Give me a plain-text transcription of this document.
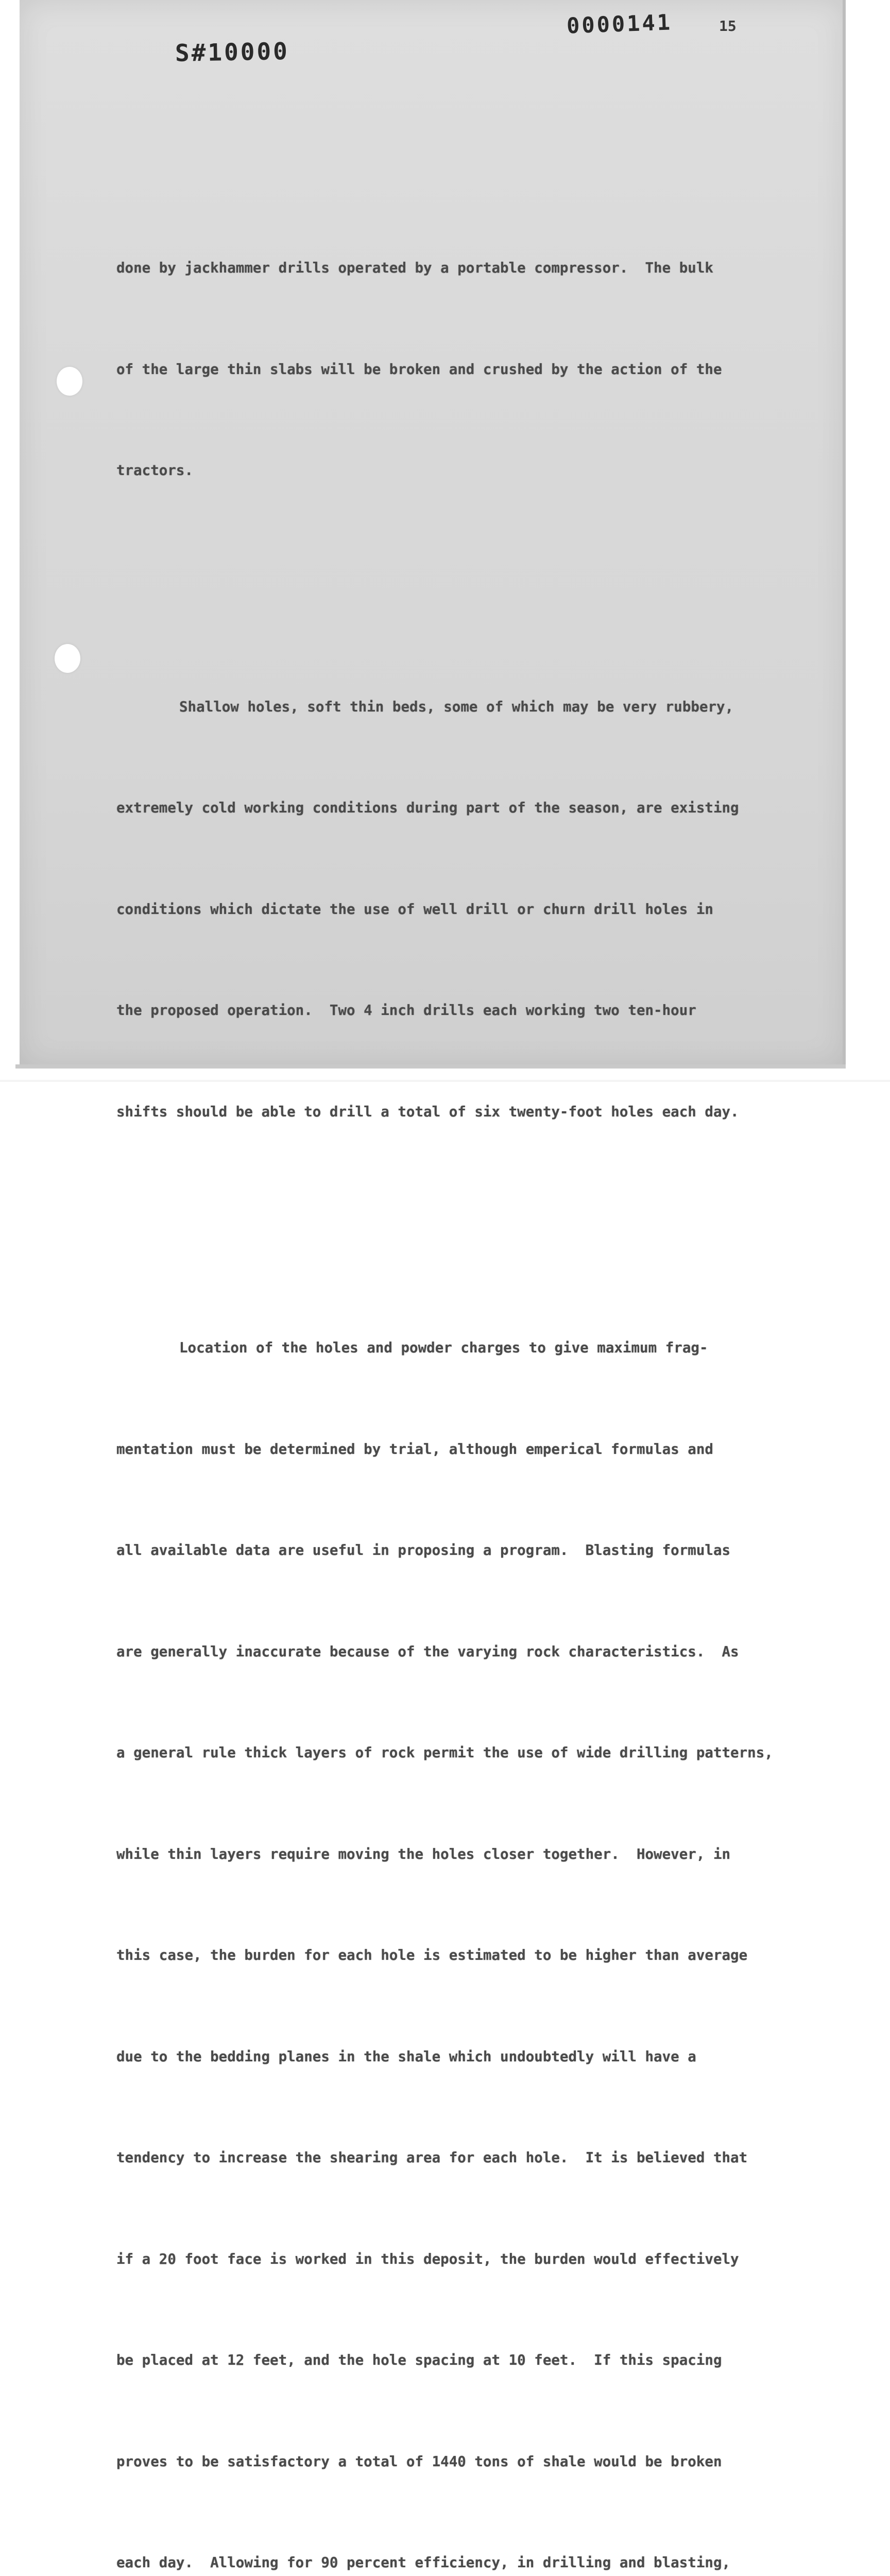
S#10000
0000141	15

done by jackhammer drills operated by a portable compressor.  The bulk

of the large thin slabs will be broken and crushed by the action of the

tractors.

Shallow holes, soft thin beds, some of which may be very rubbery,

extremely cold working conditions during part of the season, are existing

conditions which dictate the use of well drill or churn drill holes in

the proposed operation.  Two 4 inch drills each working two ten-hour

shifts should be able to drill a total of six twenty-foot holes each day.

Location of the holes and powder charges to give maximum frag-

mentation must be determined by trial, although emperical formulas and

all available data are useful in proposing a program.  Blasting formulas

are generally inaccurate because of the varying rock characteristics.  As

a general rule thick layers of rock permit the use of wide drilling patterns,

while thin layers require moving the holes closer together.  However, in

this case, the burden for each hole is estimated to be higher than average

due to the bedding planes in the shale which undoubtedly will have a

tendency to increase the shearing area for each hole.  It is believed that

if a 20 foot face is worked in this deposit, the burden would effectively

be placed at 12 feet, and the hole spacing at 10 feet.  If this spacing

proves to be satisfactory a total of 1440 tons of shale would be broken

each day.  Allowing for 90 percent efficiency, in drilling and blasting,
